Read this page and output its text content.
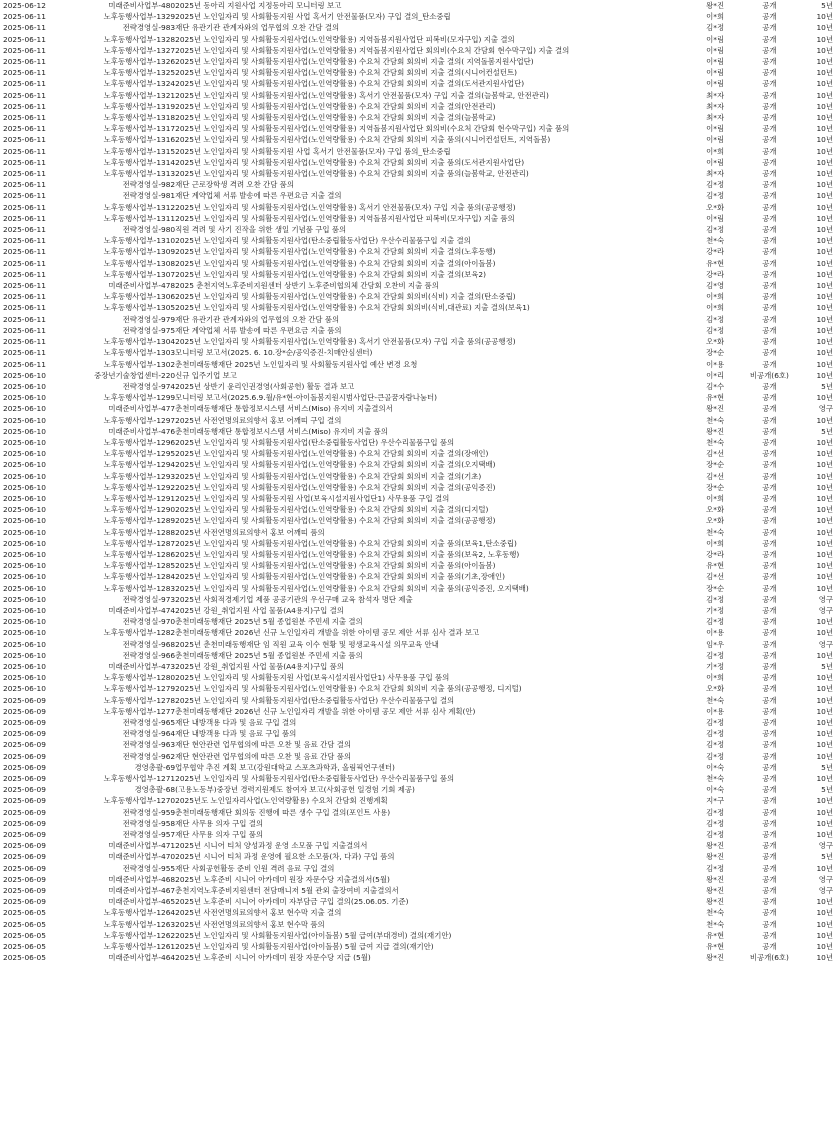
2025-06-12	미래준비사업부-480	2025년 동아리 지원사업 지정동아리 모니터링 보고	왕*진	공개	5년
2025-06-11	노후동행사업부-1329	2025년 노인일자리 및 사회활동지원 사업 혹서기 안전물품(모자) 구입 결의_탄소중립	이*희	공개	10년
2025-06-11	전략경영실-983	재단 유관기관 관계자와의 업무협의 오찬 간담 결의	김*정	공개	10년
2025-06-11	노후동행사업부-1328	2025년 노인일자리 및 사회활동지원사업(노인역량활용) 지역돌봄지원사업단 피복비(모자구입) 지출 결의	이*림	공개	10년
2025-06-11	노후동행사업부-1327	2025년 노인일자리 및 사회활동지원사업(노인역량활용) 지역돌봄지원사업단 회의비(수요처 간담회 현수막구입) 지출 결의	이*림	공개	10년
2025-06-11	노후동행사업부-1326	2025년 노인일자리 및 사회활동지원사업(노인역량활용) 수요처 간담회 회의비 지출 결의( 지역돌봄지원사업단)	이*림	공개	10년
2025-06-11	노후동행사업부-1325	2025년 노인일자리 및 사회활동지원사업(노인역량활용) 수요처 간담회 회의비 지출 결의(시니어컨설턴트)	이*림	공개	10년
2025-06-11	노후동행사업부-1324	2025년 노인일자리 및 사회활동지원사업(노인역량활용) 수요처 간담회 회의비 지출 결의(도서관지원사업단)	이*림	공개	10년
2025-06-11	노후동행사업부-1321	2025년 노인일자리 및 사회활동지원사업(노인역량활용) 혹서기 안전물품(모자) 구입 지출 결의(늘봄학교, 안전관리)	최*자	공개	10년
2025-06-11	노후동행사업부-1319	2025년 노인일자리 및 사회활동지원사업(노인역량활용) 수요처 간담회 회의비 지출 결의(안전관리)	최*자	공개	10년
2025-06-11	노후동행사업부-1318	2025년 노인일자리 및 사회활동지원사업(노인역량활용) 수요처 간담회 회의비 지출 결의(늘봄학교)	최*자	공개	10년
2025-06-11	노후동행사업부-1317	2025년 노인일자리 및 사회활동지원사업(노인역량활용) 지역돌봄지원사업단 회의비(수요처 간담회 현수막구입) 지출 품의	이*림	공개	10년
2025-06-11	노후동행사업부-1316	2025년 노인일자리 및 사회활동지원사업(노인역량활용) 수요처 간담회 회의비 지출 품의(시니어컨설턴트, 지역돌봄)	이*림	공개	10년
2025-06-11	노후동행사업부-1315	2025년 노인일자리 및 사회활동지원 사업 혹서기 안전물품(모자) 구입 품의_탄소중립	이*희	공개	10년
2025-06-11	노후동행사업부-1314	2025년 노인일자리 및 사회활동지원사업(노인역량활용) 수요처 간담회 회의비 지출 품의(도서관지원사업단)	이*림	공개	10년
2025-06-11	노후동행사업부-1313	2025년 노인일자리 및 사회활동지원사업(노인역량활용) 수요처 간담회 회의비 지출 품의(늘봄학교, 안전관리)	최*자	공개	10년
2025-06-11	전략경영실-982	재단 근로장학생 격려 오찬 간담 품의	김*정	공개	10년
2025-06-11	전략경영실-981	재단 계약업체 서류 발송에 따른 우편요금 지출 결의	김*정	공개	10년
2025-06-11	노후동행사업부-1312	2025년 노인일자리 및 사회활동지원사업(노인역량활용) 혹서기 안전물품(모자) 구입 지출 품의(공공행정)	오*화	공개	10년
2025-06-11	노후동행사업부-1311	2025년 노인일자리 및 사회활동지원사업(노인역량활용) 지역돌봄지원사업단 피복비(모자구입) 지출 품의	이*림	공개	10년
2025-06-11	전략경영실-980	직원 격려 및 사기 진작을 위한 생일 기념품 구입 품의	김*정	공개	10년
2025-06-11	노후동행사업부-1310	2025년 노인일자리 및 사회활동지원사업(탄소중립활동사업단) 우산수리물품구입 지출 결의	천*숙	공개	10년
2025-06-11	노후동행사업부-1309	2025년 노인일자리 및 사회활동지원사업(노인역량활용) 수요처 간담회 회의비 지출 결의(노후동행)	강*라	공개	10년
2025-06-11	노후동행사업부-1308	2025년 노인일자리 및 사회활동지원사업(노인역량활용) 수요처 간담회 회의비 지출 결의(아이돌봄)	유*현	공개	10년
2025-06-11	노후동행사업부-1307	2025년 노인일자리 및 사회활동지원사업(노인역량활용) 수요처 간담회 회의비 지출 결의(보육2)	강*라	공개	10년
2025-06-11	미래준비사업부-478	2025 춘천지역노후준비지원센터 상반기 노후준비협의체 간담회 오찬비 지출 품의	김*영	공개	10년
2025-06-11	노후동행사업부-1306	2025년 노인일자리 및 사회활동지원사업(노인역량활용) 수요처 간담회 회의비(식비) 지출 결의(탄소중립)	이*희	공개	10년
2025-06-11	노후동행사업부-1305	2025년 노인일자리 및 사회활동지원사업(노인역량활용) 수요처 간담회 회의비(식비,대관료) 지출 결의(보육1)	이*희	공개	10년
2025-06-11	전략경영실-979	재단 유관기관 관계자와의 업무협의 오찬 간담 품의	김*정	공개	10년
2025-06-11	전략경영실-975	재단 계약업체 서류 발송에 따른 우편요금 지출 품의	김*정	공개	10년
2025-06-11	노후동행사업부-1304	2025년 노인일자리 및 사회활동지원사업(노인역량활용) 혹서기 안전물품(모자) 구입 지출 품의(공공행정)	오*화	공개	10년
2025-06-11	노후동행사업부-1303	모니터링 보고서(2025. 6. 10.장*순/공익증진-치매안심센터)	장*순	공개	10년
2025-06-11	노후동행사업부-1302	춘천미래동행재단 2025년 노인일자리 및 사회활동지원사업 예산 변경 요청	이*용	공개	10년
2025-06-10	중장년기술창업센터-220	신규 입주기업 보고	이*리	비공개(6호)	10년
2025-06-10	전략경영실-974	2025년 상반기 윤리인권경영(사회공헌) 활동 결과 보고	김*수	공개	5년
2025-06-10	노후동행사업부-1299	모니터링 보고서(2025.6.9.월/유*현-아이돌봄지원시범사업단-큰골꿈자람나눔터)	유*현	공개	10년
2025-06-10	미래준비사업부-477	춘천미래동행재단 통합정보시스템 서비스(Miso) 유지비 지출결의서	왕*진	공개	영구
2025-06-10	노후동행사업부-1297	2025년 사전연명의료의향서 홍보 어깨띠 구입 결의	천*숙	공개	10년
2025-06-10	미래준비사업부-476	춘천미래동행재단 통합정보시스템 서비스(Miso) 유지비 지출 품의	왕*진	공개	5년
2025-06-10	노후동행사업부-1296	2025년 노인일자리 및 사회활동지원사업(탄소중립활동사업단) 우산수리물품구입 품의	천*숙	공개	10년
2025-06-10	노후동행사업부-1295	2025년 노인일자리 및 사회활동지원사업(노인역량활용) 수요처 간담회 회의비 지출 결의(장애인)	김*선	공개	10년
2025-06-10	노후동행사업부-1294	2025년 노인일자리 및 사회활동지원사업(노인역량활용) 수요처 간담회 회의비 지출 결의(오지택배)	장*순	공개	10년
2025-06-10	노후동행사업부-1293	2025년 노인일자리 및 사회활동지원사업(노인역량활용) 수요처 간담회 회의비 지출 결의(기초)	김*선	공개	10년
2025-06-10	노후동행사업부-1292	2025년 노인일자리 및 사회활동지원사업(노인역량활용) 수요처 간담회 회의비 지출 결의(공익증진)	장*순	공개	10년
2025-06-10	노후동행사업부-1291	2025년 노인일자리 및 사회활동지원 사업(보육시설지원사업단1) 사무용품 구입 결의	이*희	공개	10년
2025-06-10	노후동행사업부-1290	2025년 노인일자리 및 사회활동지원사업(노인역량활용) 수요처 간담회 회의비 지출 결의(디지털)	오*화	공개	10년
2025-06-10	노후동행사업부-1289	2025년 노인일자리 및 사회활동지원사업(노인역량활용) 수요처 간담회 회의비 지출 결의(공공행정)	오*화	공개	10년
2025-06-10	노후동행사업부-1288	2025년 사전연명의료의향서 홍보 어깨띠 품의	천*숙	공개	10년
2025-06-10	노후동행사업부-1287	2025년 노인일자리 및 사회활동지원사업(노인역량활용) 수요처 간담회 회의비 지출 품의(보육1,탄소중립)	이*희	공개	10년
2025-06-10	노후동행사업부-1286	2025년 노인일자리 및 사회활동지원사업(노인역량활용) 수요처 간담회 회의비 지출 품의(보육2, 노후동행)	강*라	공개	10년
2025-06-10	노후동행사업부-1285	2025년 노인일자리 및 사회활동지원사업(노인역량활용) 수요처 간담회 회의비 지출 품의(아이돌봄)	유*현	공개	10년
2025-06-10	노후동행사업부-1284	2025년 노인일자리 및 사회활동지원사업(노인역량활용) 수요처 간담회 회의비 지출 품의(기초,장애인)	김*선	공개	10년
2025-06-10	노후동행사업부-1283	2025년 노인일자리 및 사회활동지원사업(노인역량활용) 수요처 간담회 회의비 지출 품의(공익증진, 오지택배)	장*순	공개	10년
2025-06-10	전략경영실-973	2025년 사회적경제기업 제품 공공기관의 우선구매 교육 참석자 명단 제출	김*정	공개	영구
2025-06-10	미래준비사업부-474	2025년 강원_취업지원 사업 물품(A4용지)구입 결의	기*정	공개	영구
2025-06-10	전략경영실-970	춘천미래동행재단 2025년 5월 종업원분 주민세 지출 결의	김*정	공개	10년
2025-06-10	노후동행사업부-1282	춘천미래동행재단 2026년 신규 노인일자리 개발을 위한 아이템 공모 제안 서류 심사 결과 보고	이*용	공개	10년
2025-06-10	전략경영실-968	2025년 춘천미래동행재단 임 직원 교육 이수 현황 및 평생교육시설 의무교육 안내	임*우	공개	영구
2025-06-10	전략경영실-966	춘천미래동행재단 2025년 5월 종업원분 주민세 지출 품의	김*정	공개	10년
2025-06-10	미래준비사업부-473	2025년 강원_취업지원 사업 물품(A4용지)구입 품의	기*정	공개	5년
2025-06-10	노후동행사업부-1280	2025년 노인일자리 및 사회활동지원 사업(보육시설지원사업단1) 사무용품 구입 품의	이*희	공개	10년
2025-06-10	노후동행사업부-1279	2025년 노인일자리 및 사회활동지원사업(노인역량활용) 수요처 간담회 회의비 지출 품의(공공행정, 디지털)	오*화	공개	10년
2025-06-09	노후동행사업부-1278	2025년 노인일자리 및 사회활동지원사업(탄소중립활동사업단) 우산수리물품구입 결의	천*숙	공개	10년
2025-06-09	노후동행사업부-1277	춘천미래동행재단 2026년 신규 노인일자리 개발을 위한 아이템 공모 제안 서류 심사 계획(안)	이*용	공개	10년
2025-06-09	전략경영실-965	재단 내방객용 다과 및 음료 구입 결의	김*정	공개	10년
2025-06-09	전략경영실-964	재단 내방객용 다과 및 음료 구입 품의	김*정	공개	10년
2025-06-09	전략경영실-963	재단 현안관련 업무협의에 따른 오찬 및 음료 간담 결의	김*정	공개	10년
2025-06-09	전략경영실-962	재단 현안관련 업무협의에 따른 오찬 및 음료 간담 품의	김*정	공개	10년
2025-06-09	경영총괄-69	업무협약 추진 계획 보고(강원대학교 스포츠과학과, 올림픽연구센터)	이*숙	공개	5년
2025-06-09	노후동행사업부-1271	2025년 노인일자리 및 사회활동지원사업(탄소중립활동사업단) 우산수리물품구입 품의	천*숙	공개	10년
2025-06-09	경영총괄-68	(고용노동부)중장년 경력지원제도 참여자 보고(사회공헌 일경험 기회 제공)	이*숙	공개	5년
2025-06-09	노후동행사업부-1270	2025년도 노인일자리사업(노인역량활용) 수요처 간담회 진행계획	지*구	공개	10년
2025-06-09	전략경영실-959	춘천미래동행재단 회의동 진행에 따른 생수 구입 결의(포인트 사용)	김*정	공개	10년
2025-06-09	전략경영실-958	재단 사무용 의자 구입 결의	김*정	공개	10년
2025-06-09	전략경영실-957	재단 사무용 의자 구입 품의	김*정	공개	10년
2025-06-09	미래준비사업부-471	2025년 시니어 티처 양성과정 운영 소모품 구입 지출결의서	왕*진	공개	영구
2025-06-09	미래준비사업부-470	2025년 시니어 티처 과정 운영에 필요한 소모품(차, 다과) 구입 품의	왕*진	공개	5년
2025-06-09	전략경영실-955	재단 사회공헌활동 준비 인원 격려 음료 구입 결의	김*정	공개	10년
2025-06-09	미래준비사업부-468	2025년 노후준비 시니어 아카데미 원장 자문수당 지출결의서(5월)	왕*진	공개	영구
2025-06-09	미래준비사업부-467	춘천지역노후준비지원센터 전담매니저 5월 관외 출장여비 지출결의서	왕*진	공개	영구
2025-06-09	미래준비사업부-465	2025년 노후준비 시니어 아카데미 자부담금 구입 결의(25.06.05. 기준)	왕*진	공개	10년
2025-06-05	노후동행사업부-1264	2025년 사전연명의료의향서 홍보 현수막 지출 결의	천*숙	공개	10년
2025-06-05	노후동행사업부-1263	2025년 사전연명의료의향서 홍보 현수막 품의	천*숙	공개	10년
2025-06-05	노후동행사업부-1262	2025년 노인일자리 및 사회활동지원사업(아이돌봄) 5월 급여(부대경비) 결의(재기안)	유*현	공개	10년
2025-06-05	노후동행사업부-1261	2025년 노인일자리 및 사회활동지원사업(아이돌봄) 5월 급여 지급 결의(재기안)	유*현	공개	10년
2025-06-05	미래준비사업부-464	2025년 노후준비 시니어 아카데미 원장 자문수당 지급 (5월)	왕*진	비공개(6호)	10년
